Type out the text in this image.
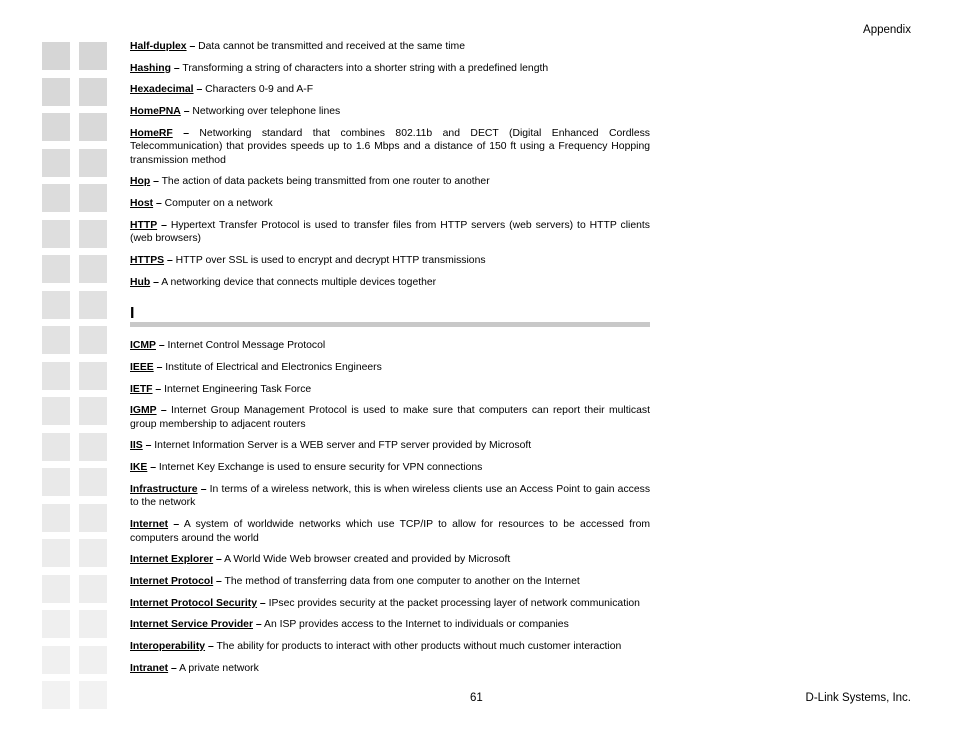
Appendix

Half-duplex – Data cannot be transmitted and received at the same time

Hashing – Transforming a string of characters into a shorter string with a predefined length

Hexadecimal – Characters 0-9 and A-F

HomePNA – Networking over telephone lines

HomeRF – Networking standard that combines 802.11b and DECT (Digital Enhanced Cordless Telecommunication) that provides speeds up to 1.6 Mbps and a distance of 150 ft using a Frequency Hopping transmission method

Hop – The action of data packets being transmitted from one router to another

Host – Computer on a network

HTTP – Hypertext Transfer Protocol is used to transfer files from HTTP servers (web servers) to HTTP clients (web browsers)

HTTPS – HTTP over SSL is used to encrypt and decrypt HTTP transmissions

Hub – A networking device that connects multiple devices together

I

ICMP – Internet Control Message Protocol

IEEE – Institute of Electrical and Electronics Engineers

IETF – Internet Engineering Task Force

IGMP – Internet Group Management Protocol is used to make sure that computers can report their multicast group membership to adjacent routers

IIS – Internet Information Server is a WEB server and FTP server provided by Microsoft

IKE – Internet Key Exchange is used to ensure security for VPN connections

Infrastructure – In terms of a wireless network, this is when wireless clients use an Access Point to gain access to the network

Internet – A system of worldwide networks which use TCP/IP to allow for resources to be accessed from computers around the world

Internet Explorer – A World Wide Web browser created and provided by Microsoft

Internet Protocol – The method of transferring data from one computer to another on the Internet

Internet Protocol Security – IPsec provides security at the packet processing layer of network communication

Internet Service Provider – An ISP provides access to the Internet to individuals or companies

Interoperability – The ability for products to interact with other products without much customer interaction

Intranet – A private network

61	D-Link Systems, Inc.
